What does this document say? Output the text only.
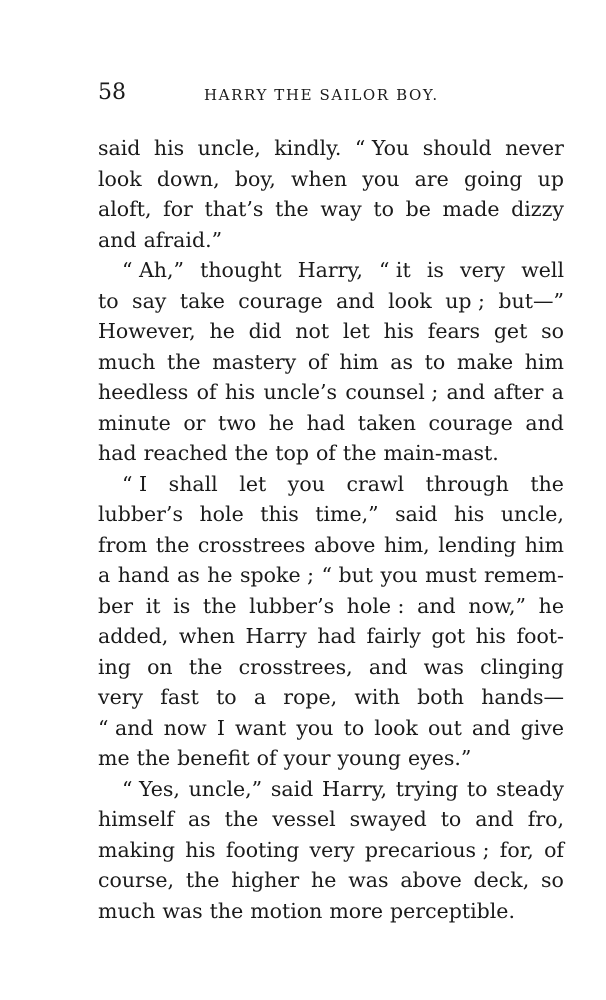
58	HARRY THE SAILOR BOY.
said his uncle, kindly. “ You should never
look down, boy, when you are going up
aloft, for that’s the way to be made dizzy
and afraid.”
“ Ah,” thought Harry, “ it is very well
to say take courage and look up ; but—”
However, he did not let his fears get so
much the mastery of him as to make him
heedless of his uncle’s counsel ; and after a
minute or two he had taken courage and
had reached the top of the main-mast.
“ I shall let you crawl through the
lubber’s hole this time,” said his uncle,
from the crosstrees above him, lending him
a hand as he spoke ; “ but you must remem-
ber it is the lubber’s hole : and now,” he
added, when Harry had fairly got his foot-
ing on the crosstrees, and was clinging
very fast to a rope, with both hands—
“ and now I want you to look out and give
me the benefit of your young eyes.”
“ Yes, uncle,” said Harry, trying to steady
himself as the vessel swayed to and fro,
making his footing very precarious ; for, of
course, the higher he was above deck, so
much was the motion more perceptible.
